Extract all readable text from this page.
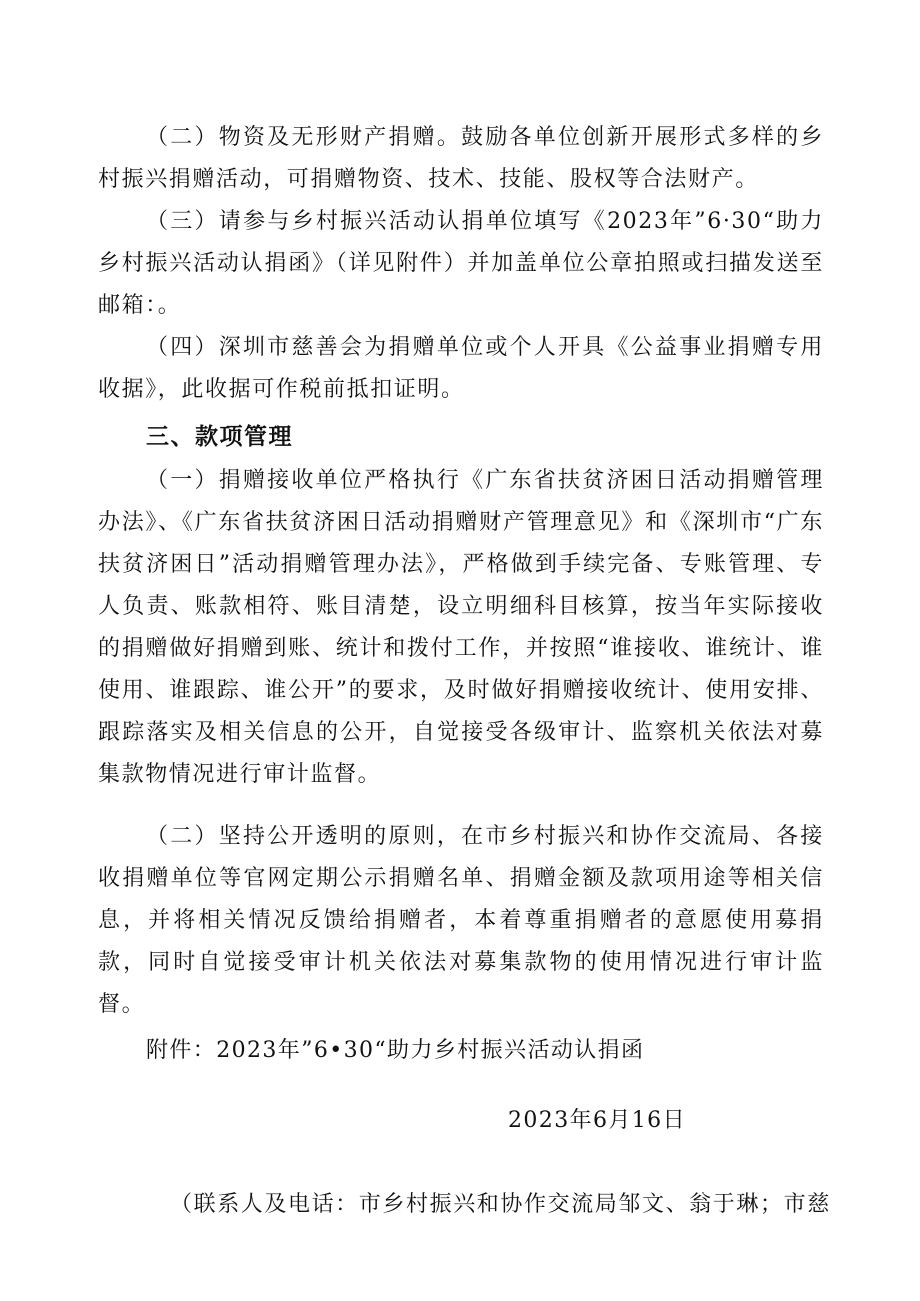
（二）物资及无形财产捐赠。鼓励各单位创新开展形式多样的乡村振兴捐赠活动，可捐赠物资、技术、技能、股权等合法财产。

（三）请参与乡村振兴活动认捐单位填写《2023年”6·30“助力乡村振兴活动认捐函》（详见附件）并加盖单位公章拍照或扫描发送至邮箱：。

（四）深圳市慈善会为捐赠单位或个人开具《公益事业捐赠专用收据》，此收据可作税前抵扣证明。

三、款项管理

（一）捐赠接收单位严格执行《广东省扶贫济困日活动捐赠管理办法》、《广东省扶贫济困日活动捐赠财产管理意见》和《深圳市“广东扶贫济困日”活动捐赠管理办法》，严格做到手续完备、专账管理、专人负责、账款相符、账目清楚，设立明细科目核算，按当年实际接收的捐赠做好捐赠到账、统计和拨付工作，并按照“谁接收、谁统计、谁使用、谁跟踪、谁公开”的要求，及时做好捐赠接收统计、使用安排、跟踪落实及相关信息的公开，自觉接受各级审计、监察机关依法对募集款物情况进行审计监督。

（二）坚持公开透明的原则，在市乡村振兴和协作交流局、各接收捐赠单位等官网定期公示捐赠名单、捐赠金额及款项用途等相关信息，并将相关情况反馈给捐赠者，本着尊重捐赠者的意愿使用募捐款，同时自觉接受审计机关依法对募集款物的使用情况进行审计监督。

附件：2023年”6•30“助力乡村振兴活动认捐函
2023年6月16日
（联系人及电话：市乡村振兴和协作交流局邹文、翁于琳；市慈
